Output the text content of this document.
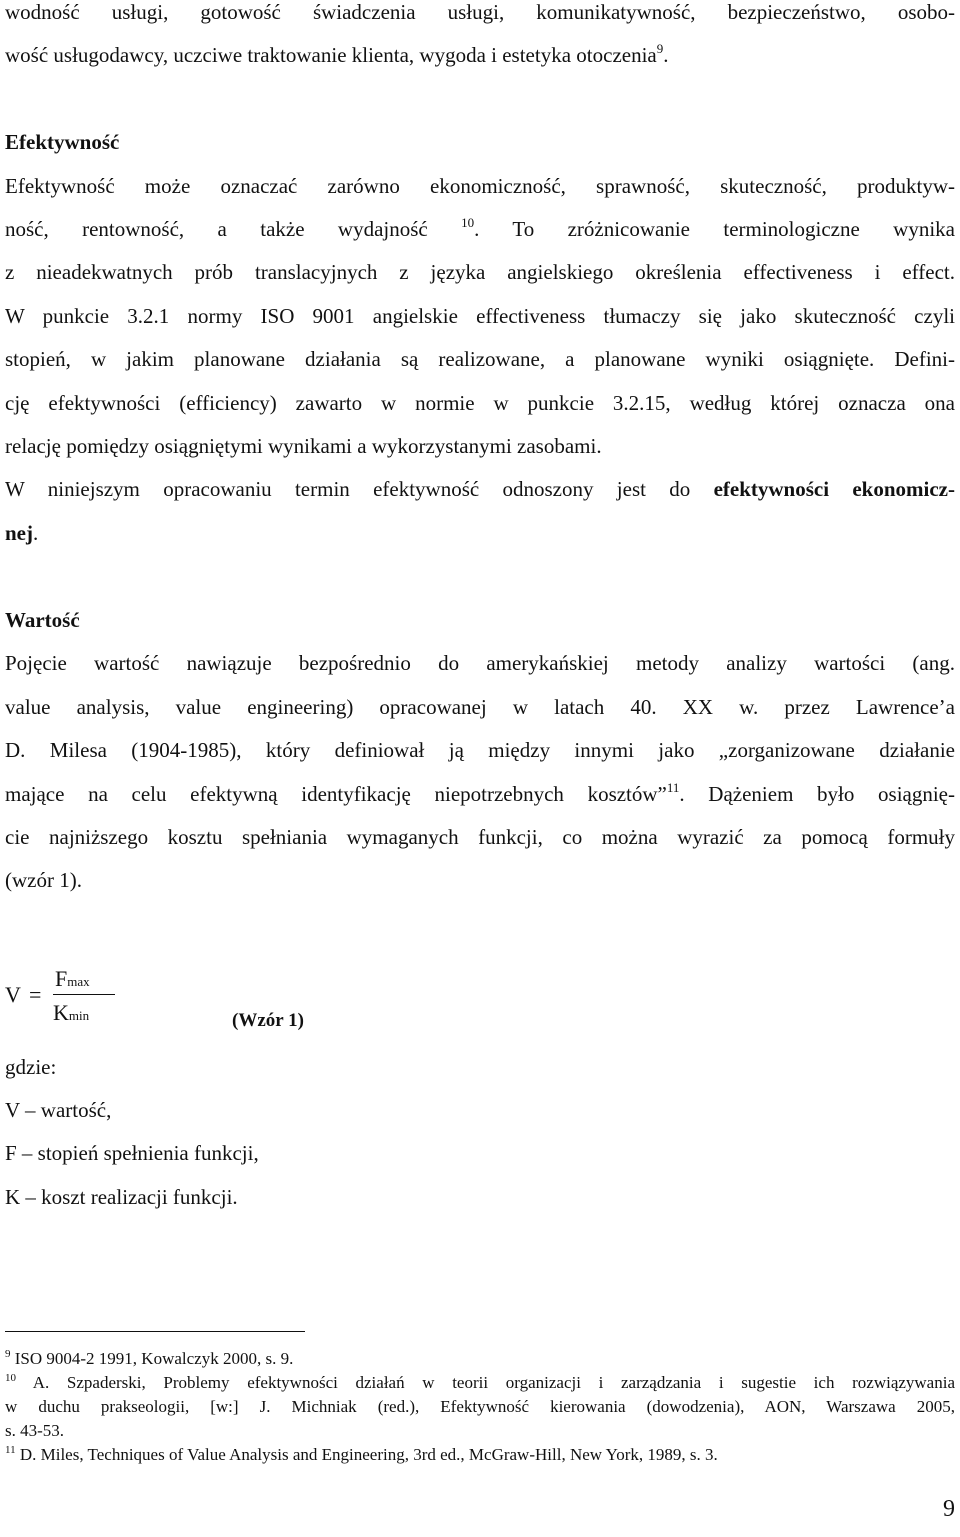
wodność usługi, gotowość świadczenia usługi, komunikatywność, bezpieczeństwo, osobo-
wość usługodawcy, uczciwe traktowanie klienta, wygoda i estetyka otoczenia$^9$.
Efektywność
Efektywność może oznaczać zarówno ekonomiczność, sprawność, skuteczność, produktyw-
ność, rentowność, a także wydajność $^{10}$. To zróżnicowanie terminologiczne wynika
z nieadekwatnych prób translacyjnych z języka angielskiego określenia effectiveness i effect.
W punkcie 3.2.1 normy ISO 9001 angielskie effectiveness tłumaczy się jako skuteczność czyli
stopień, w jakim planowane działania są realizowane, a planowane wyniki osiągnięte. Defini-
cję efektywności (efficiency) zawarto w normie w punkcie 3.2.15, według której oznacza ona
relację pomiędzy osiągniętymi wynikami a wykorzystanymi zasobami.
W niniejszym opracowaniu termin efektywność odnoszony jest do efektywności ekonomicz-
nej.
Wartość
Pojęcie wartość nawiązuje bezpośrednio do amerykańskiej metody analizy wartości (ang.
value analysis, value engineering) opracowanej w latach 40. XX w. przez Lawrence’a
D. Milesa (1904-1985), który definiował ją między innymi jako „zorganizowane działanie
mające na celu efektywną identyfikację niepotrzebnych kosztów”$^{11}$. Dążeniem było osiągnię-
cie najniższego kosztu spełniania wymaganych funkcji, co można wyrazić za pomocą formuły
(wzór 1).
V =
Fmax
Kmin	(Wzór 1)
gdzie:
V – wartość,
F – stopień spełnienia funkcji,
K – koszt realizacji funkcji.
$^9$ ISO 9004-2 1991, Kowalczyk 2000, s. 9.
$^{10}$ A. Szpaderski, Problemy efektywności działań w teorii organizacji i zarządzania i sugestie ich rozwiązywania
w duchu prakseologii, [w:] J. Michniak (red.), Efektywność kierowania (dowodzenia), AON, Warszawa 2005,
s. 43-53.
$^{11}$ D. Miles, Techniques of Value Analysis and Engineering, 3rd ed., McGraw-Hill, New York, 1989, s. 3.
9
